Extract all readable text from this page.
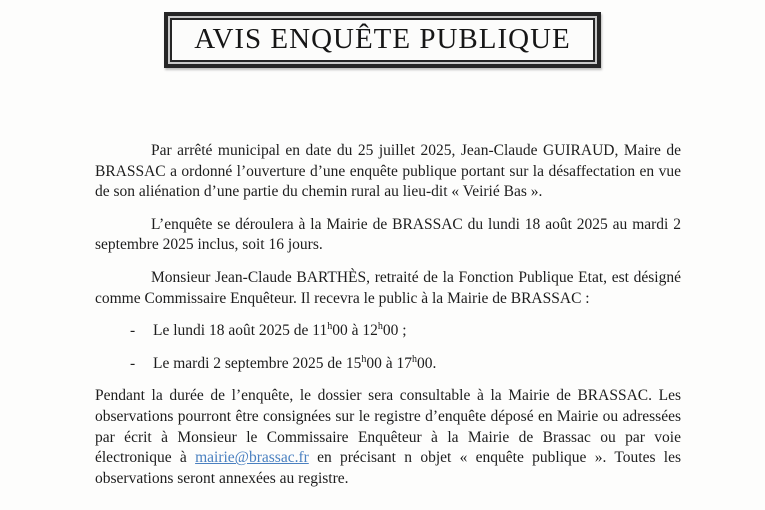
AVIS ENQUÊTE PUBLIQUE

Par arrêté municipal en date du 25 juillet 2025, Jean-Claude GUIRAUD, Maire de BRASSAC a ordonné l’ouverture d’une enquête publique portant sur la désaffectation en vue de son aliénation d’une partie du chemin rural au lieu-dit « Veirié Bas ».

L’enquête se déroulera à la Mairie de BRASSAC du lundi 18 août 2025 au mardi 2 septembre 2025 inclus, soit 16 jours.

Monsieur Jean-Claude BARTHÈS, retraité de la Fonction Publique Etat, est désigné comme Commissaire Enquêteur. Il recevra le public à la Mairie de BRASSAC :

-	Le lundi 18 août 2025 de 11$^h$00 à 12$^h$00 ;
-	Le mardi 2 septembre 2025 de 15$^h$00 à 17$^h$00.

Pendant la durée de l’enquête, le dossier sera consultable à la Mairie de BRASSAC. Les observations pourront être consignées sur le registre d’enquête déposé en Mairie ou adressées par écrit à Monsieur le Commissaire Enquêteur à la Mairie de Brassac ou par voie électronique à mairie@brassac.fr en précisant n objet « enquête publique ». Toutes les observations seront annexées au registre.
